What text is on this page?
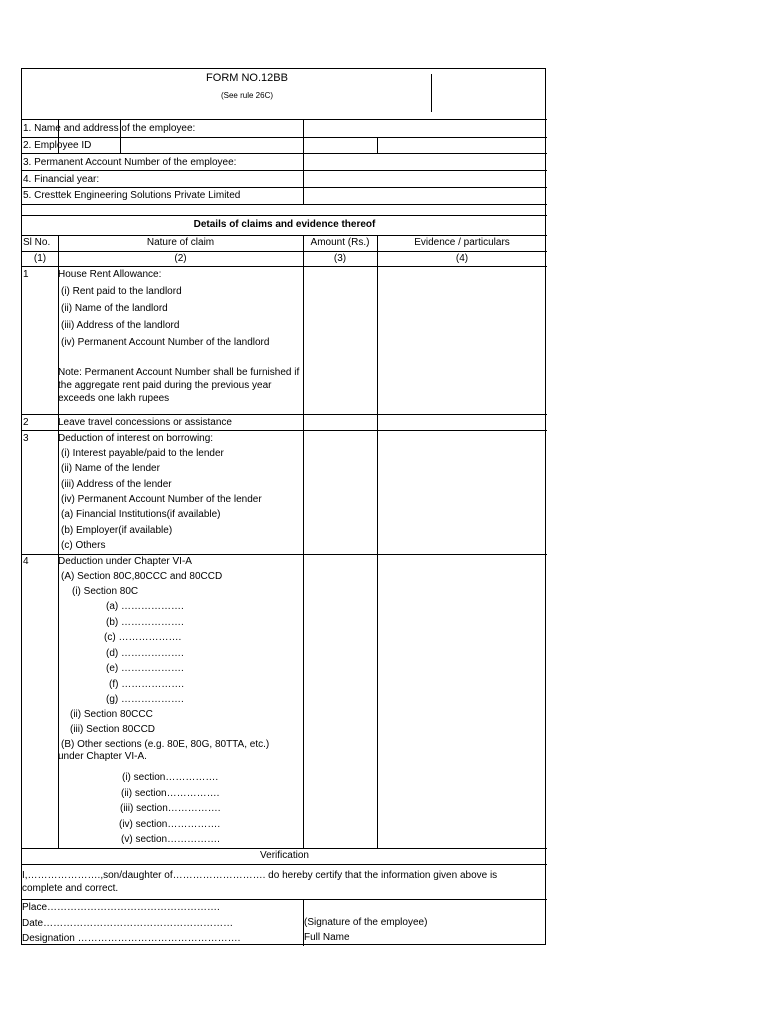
FORM NO.12BB
(See rule 26C)
1. Name and address of the employee:
2. Employee ID
3. Permanent Account Number of the employee:
4. Financial year:
5. Cresttek Engineering Solutions Private Limited
Details of claims and evidence thereof
Sl No.	Nature of claim	Amount (Rs.)	Evidence / particulars
(1)	(2)	(3)	(4)
1	House Rent Allowance:
(i) Rent paid to the landlord
(ii) Name of the landlord
(iii) Address of the landlord
(iv) Permanent Account Number of the landlord
Note: Permanent Account Number shall be furnished if the aggregate rent paid during the previous year exceeds one lakh rupees
2	Leave travel concessions or assistance
3	Deduction of interest on borrowing:
(i) Interest payable/paid to the lender
(ii) Name of the lender
(iii) Address of the lender
(iv) Permanent Account Number of the lender
(a) Financial Institutions(if available)
(b) Employer(if available)
(c) Others
4	Deduction under Chapter VI-A
(A) Section 80C,80CCC and 80CCD
(i) Section 80C
(a) ……………….
(b) ……………….
(c) ……………….
(d) ……………….
(e) ……………….
(f) ……………….
(g) ……………….
(ii) Section 80CCC
(iii) Section 80CCD
(B) Other sections (e.g. 80E, 80G, 80TTA, etc.)
under Chapter VI-A.
(i) section…………….
(ii) section…………….
(iii) section…………….
(iv) section…………….
(v) section…………….
Verification
I,………………….,son/daughter of………………………. do hereby certify that the information given above is
complete and correct.
Place…………………………………………….
Date…………………………………………………
Designation ………………………………………….
(Signature of the employee)
Full Name
